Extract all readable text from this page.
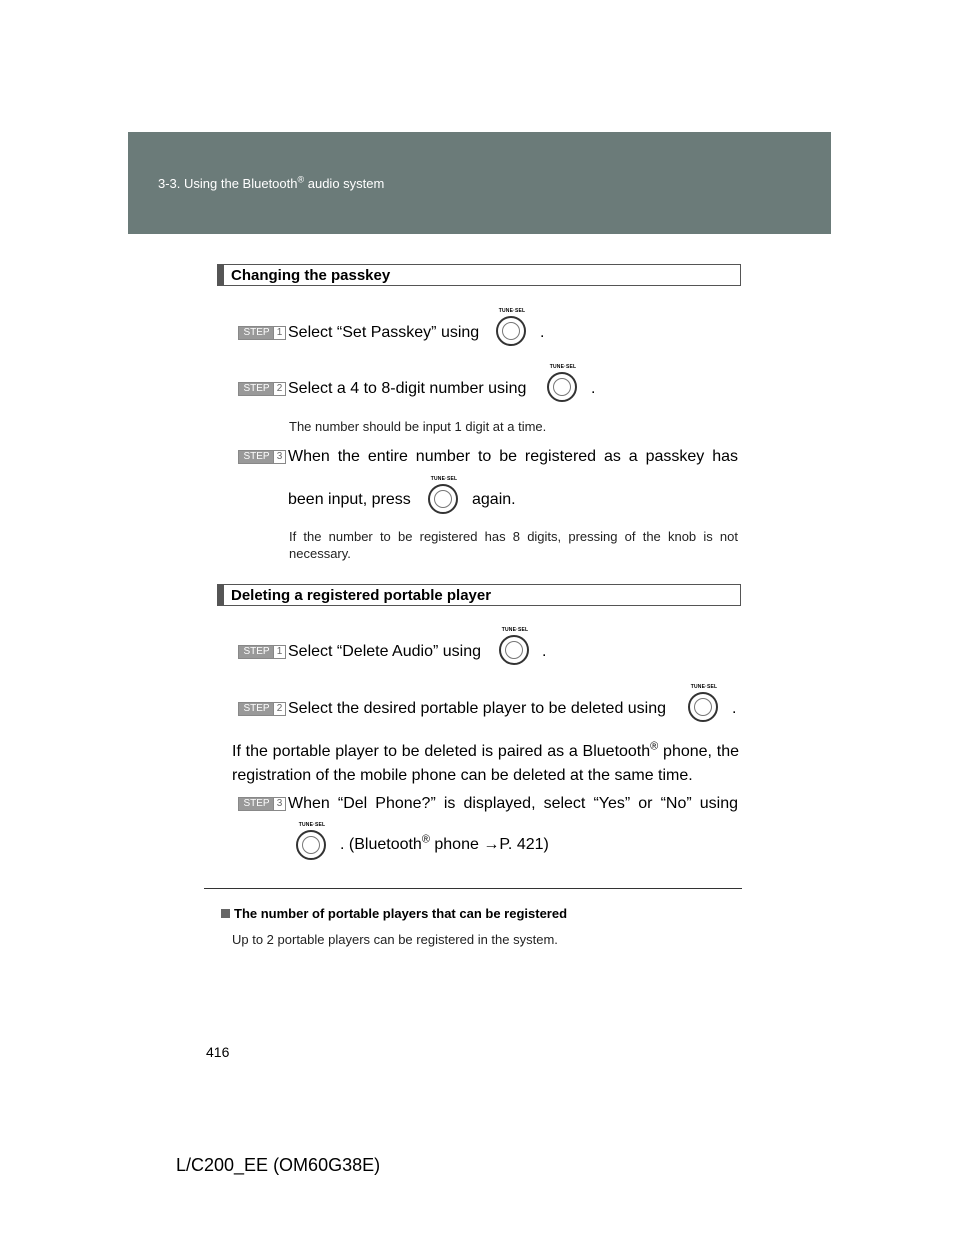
3-3. Using the Bluetooth® audio system
Changing the passkey
STEP 1 Select “Set Passkey” using
TUNE·SEL
.
STEP 2 Select a 4 to 8-digit number using
TUNE·SEL
.
The number should be input 1 digit at a time.
STEP 3 When the entire number to be registered as a passkey has
been input, press
TUNE·SEL
again.
If the number to be registered has 8 digits, pressing of the knob is not necessary.
Deleting a registered portable player
STEP 1 Select “Delete Audio” using
TUNE·SEL
.
STEP 2 Select the desired portable player to be deleted using
TUNE·SEL
.
If the portable player to be deleted is paired as a Bluetooth® phone, the registration of the mobile phone can be deleted at the same time.
STEP 3 When “Del Phone?” is displayed, select “Yes” or “No” using
TUNE·SEL
. (Bluetooth® phone →P. 421)
The number of portable players that can be registered
Up to 2 portable players can be registered in the system.
416
L/C200_EE (OM60G38E)
